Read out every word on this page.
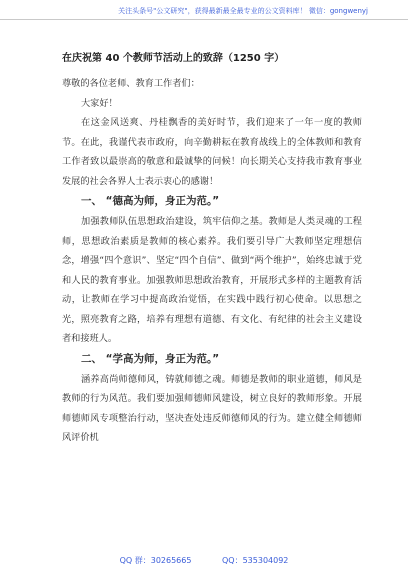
关注头条号"公文研究"，获得最新最全最专业的公文资料库！ 微信：gongwenyj
在庆祝第 40 个教师节活动上的致辞（1250 字）

尊敬的各位老师、教育工作者们：

大家好！

在这金风送爽、丹桂飘香的美好时节，我们迎来了一年一度的教师节。在此，我谨代表市政府，向辛勤耕耘在教育战线上的全体教师和教育工作者致以最崇高的敬意和最诚挚的问候！向长期关心支持我市教育事业发展的社会各界人士表示衷心的感谢！

一、 “德高为师，身正为范。”

加强教师队伍思想政治建设，筑牢信仰之基。教师是人类灵魂的工程师，思想政治素质是教师的核心素养。我们要引导广大教师坚定理想信念，增强“四个意识”、坚定“四个自信”、做到“两个维护”，始终忠诚于党和人民的教育事业。加强教师思想政治教育，开展形式多样的主题教育活动，让教师在学习中提高政治觉悟，在实践中践行初心使命。以思想之光，照亮教育之路，培养有理想有道德、有文化、有纪律的社会主义建设者和接班人。

二、 “学高为师，身正为范。”

涵养高尚师德师风，铸就师德之魂。师德是教师的职业道德，师风是教师的行为风范。我们要加强师德师风建设，树立良好的教师形象。开展师德师风专项整治行动，坚决查处违反师德师风的行为。建立健全师德师风评价机

QQ 群：30265665	QQ：535304092
